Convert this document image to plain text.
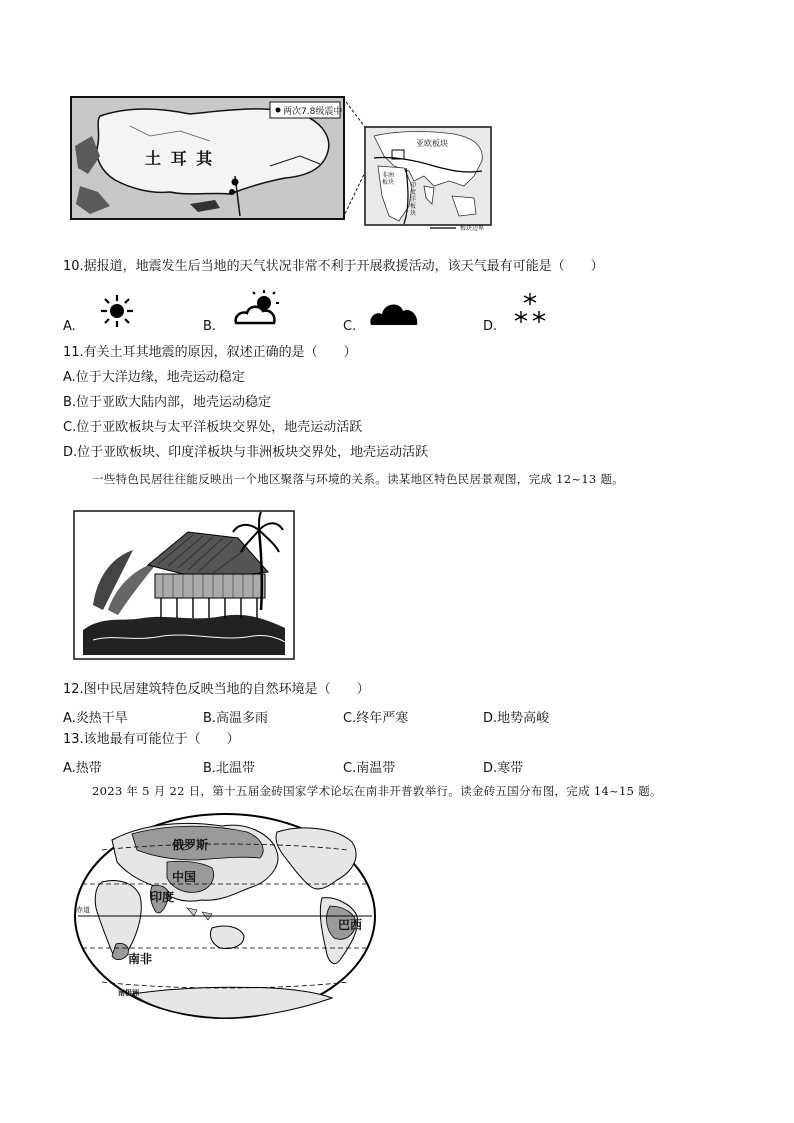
土 耳 其
两次7.8级震中
亚欧板块
非洲板块	印度洋板块
板块边界
10.据报道，地震发生后当地的天气状况非常不利于开展救援活动，该天气最有可能是（　　）
A.	B.	C.	D.
11.有关土耳其地震的原因，叙述正确的是（　　）
A.位于大洋边缘，地壳运动稳定
B.位于亚欧大陆内部，地壳运动稳定
C.位于亚欧板块与太平洋板块交界处，地壳运动活跃
D.位于亚欧板块、印度洋板块与非洲板块交界处，地壳运动活跃
一些特色民居往往能反映出一个地区聚落与环境的关系。读某地区特色民居景观图，完成 12~13 题。
12.图中民居建筑特色反映当地的自然环境是（　　）
A.炎热干旱	B.高温多雨	C.终年严寒	D.地势高峻
13.该地最有可能位于（　　）
A.热带	B.北温带	C.南温带	D.寒带
2023 年 5 月 22 日，第十五届金砖国家学术论坛在南非开普敦举行。读金砖五国分布图，完成 14~15 题。
俄罗斯
中国
印度
巴西
南非
赤道
南极洲
